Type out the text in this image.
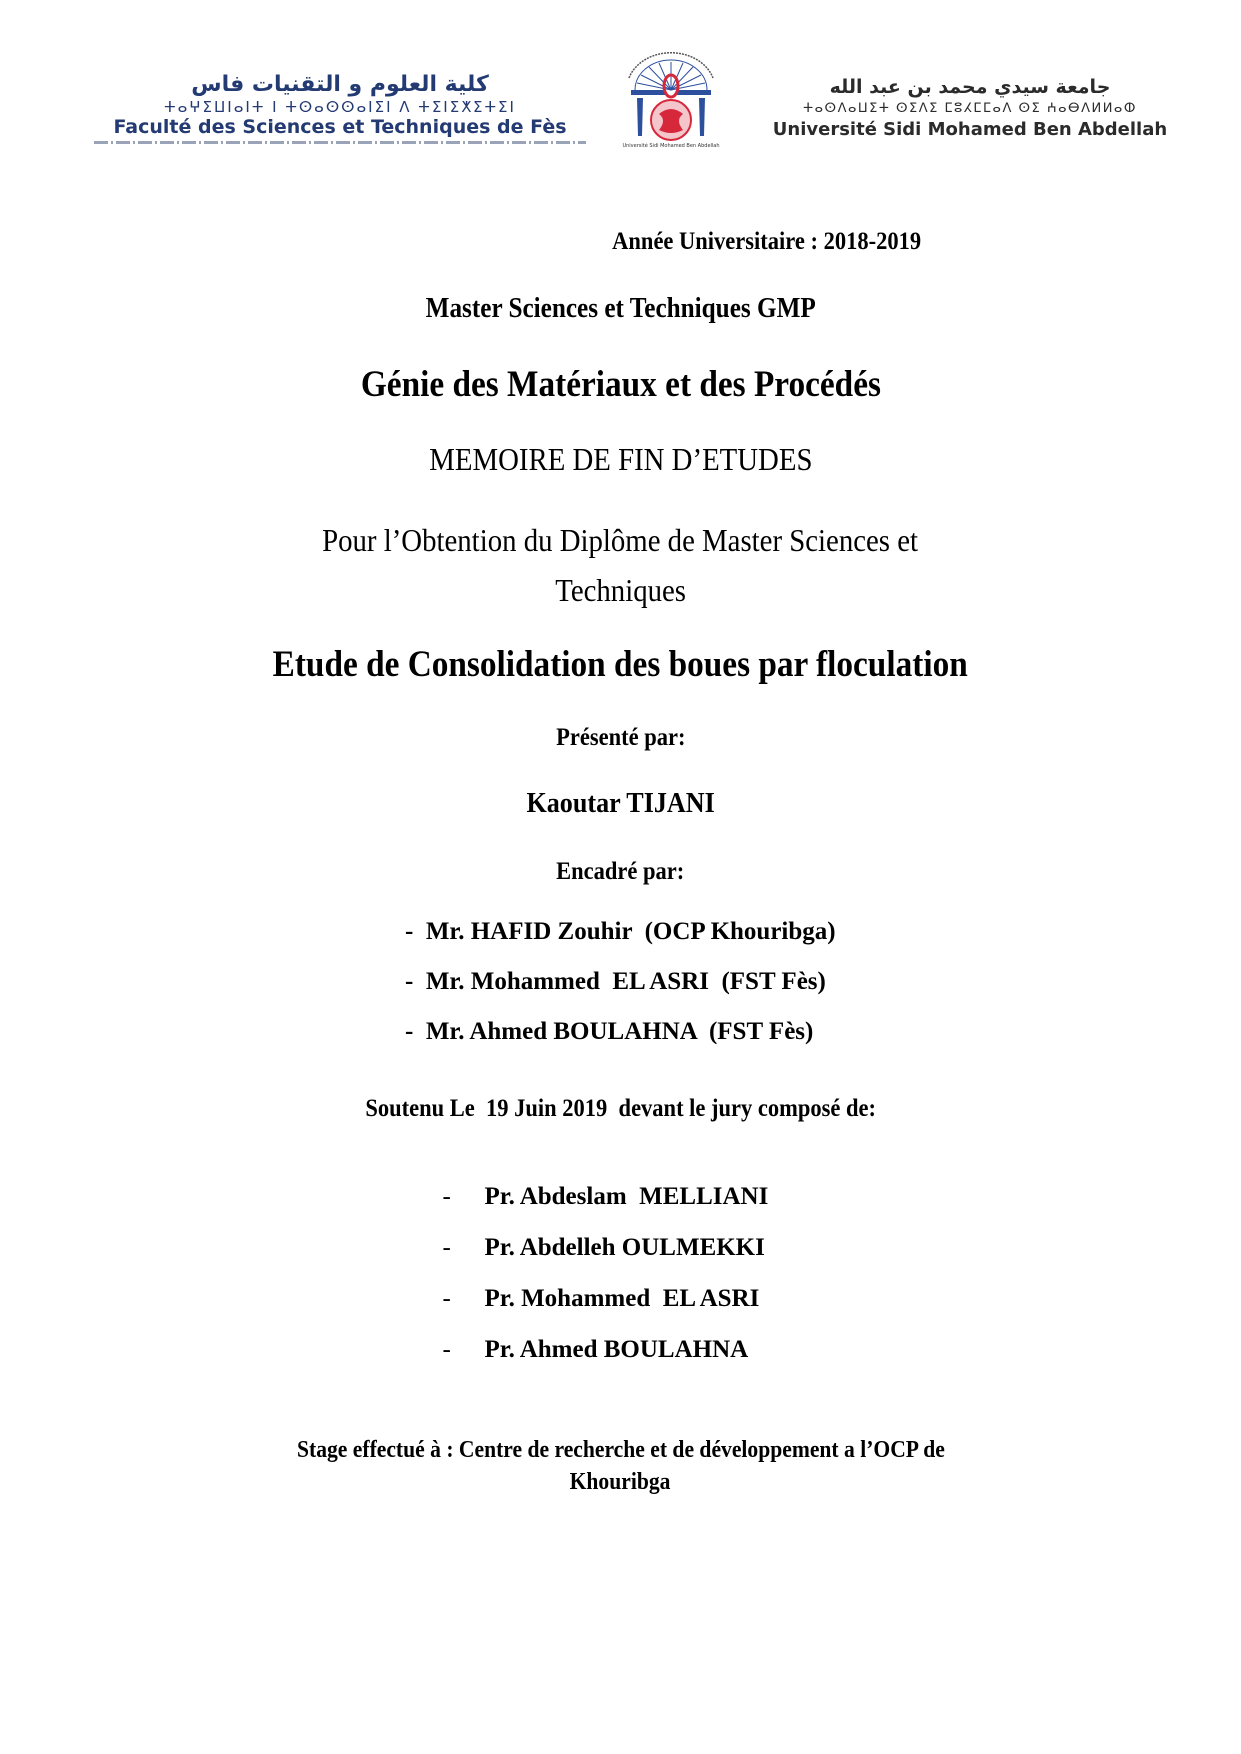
كلية العلوم و التقنيات فاس
ⵜⴰⵖⵉⵡⵏⴰⵏⵜ ⵏ ⵜⵙⴰⵙⵙⴰⵏⵉⵏ ⴷ ⵜⵉⵏⵉⵅⵉⵜⵉⵏ
Faculté des Sciences et Techniques de Fès
Université Sidi Mohamed Ben Abdellah
جامعة سيدي محمد بن عبد الله
ⵜⴰⵙⴷⴰⵡⵉⵜ ⵙⵉⴷⵉ ⵎⵓⵃⵎⵎⴰⴷ ⵙⵉ ⵄⴰⴱⴷⵍⵍⴰⵀ
Université Sidi Mohamed Ben Abdellah
Année Universitaire : 2018-2019
Master Sciences et Techniques GMP
Génie des Matériaux et des Procédés
MEMOIRE DE FIN D’ETUDES
Pour l’Obtention du Diplôme de Master Sciences et
Techniques
Etude de Consolidation des boues par floculation
Présenté par:
Kaoutar TIJANI
Encadré par:
-  Mr. HAFID Zouhir  (OCP Khouribga)
-  Mr. Mohammed  EL ASRI  (FST Fès)
-  Mr. Ahmed BOULAHNA  (FST Fès)
Soutenu Le  19 Juin 2019  devant le jury composé de:

- Pr. Abdeslam  MELLIANI

- Pr. Abdelleh OULMEKKI

- Pr. Mohammed  EL ASRI

- Pr. Ahmed BOULAHNA

Stage effectué à : Centre de recherche et de développement a l’OCP de
Khouribga
